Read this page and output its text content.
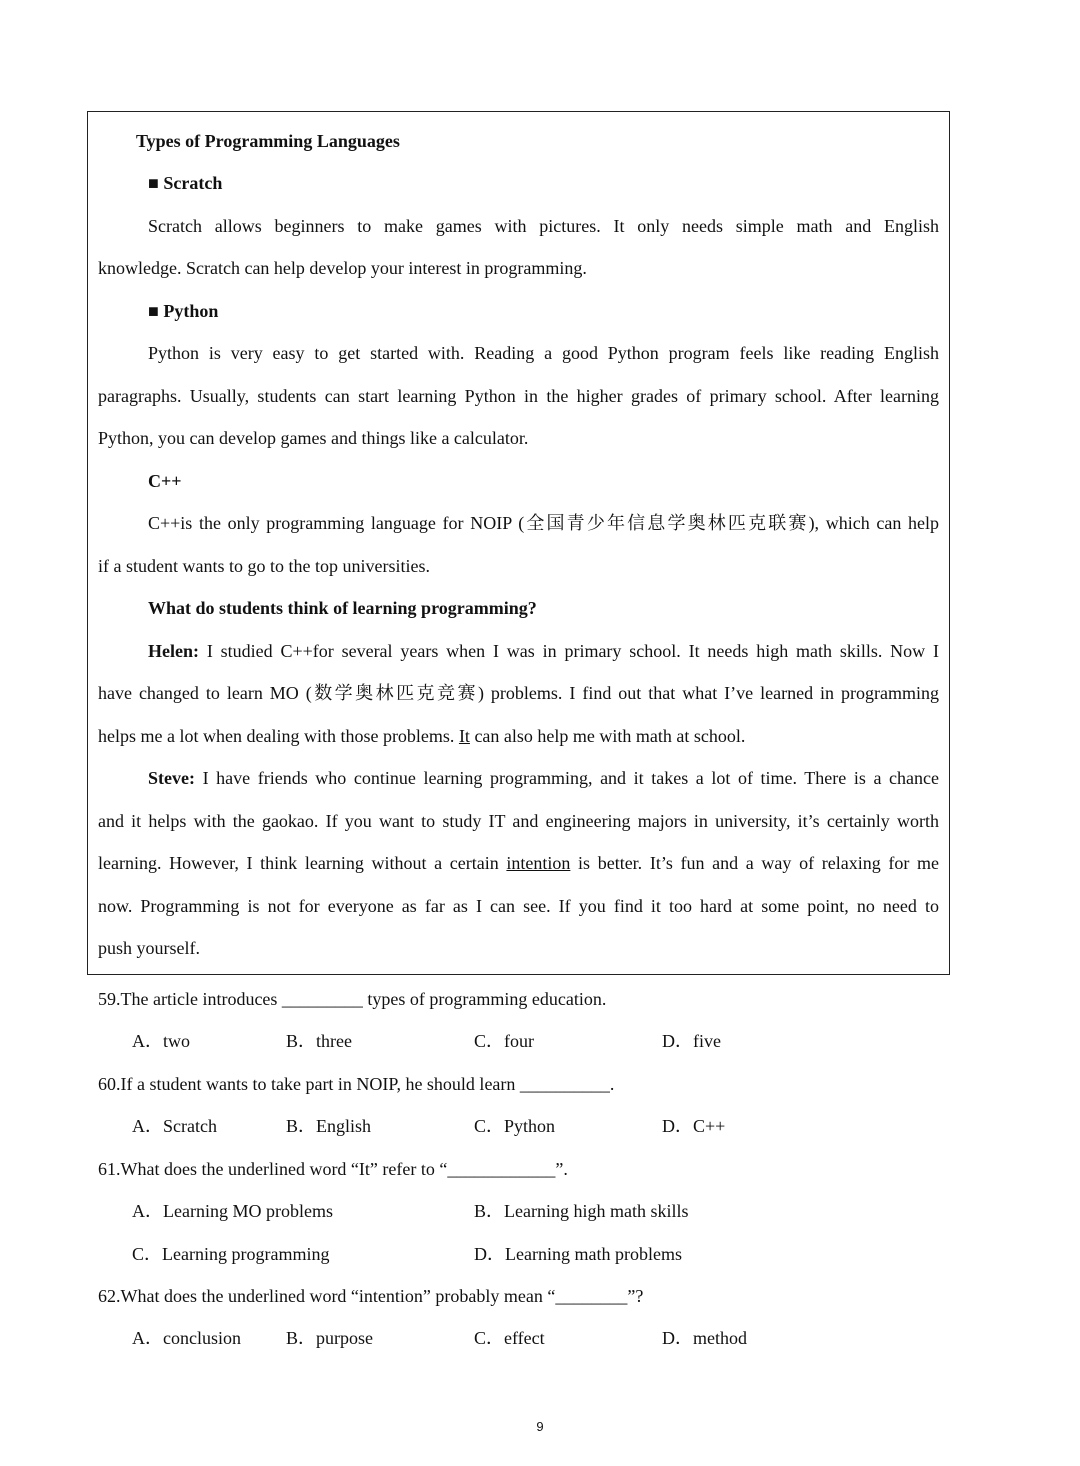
Types of Programming Languages
■ Scratch
Scratch allows beginners to make games with pictures. It only needs simple math and English
knowledge. Scratch can help develop your interest in programming.
■ Python
Python is very easy to get started with. Reading a good Python program feels like reading English
paragraphs. Usually, students can start learning Python in the higher grades of primary school. After learning
Python, you can develop games and things like a calculator.
C++
C++is the only programming language for NOIP (全国青少年信息学奥林匹克联赛), which can help
if a student wants to go to the top universities.
What do students think of learning programming?
Helen: I studied C++for several years when I was in primary school. It needs high math skills. Now I
have changed to learn MO (数学奥林匹克竞赛) problems. I find out that what I’ve learned in programming
helps me a lot when dealing with those problems. It can also help me with math at school.
Steve: I have friends who continue learning programming, and it takes a lot of time. There is a chance
and it helps with the gaokao. If you want to study IT and engineering majors in university, it’s certainly worth
learning. However, I think learning without a certain intention is better. It’s fun and a way of relaxing for me
now. Programming is not for everyone as far as I can see. If you find it too hard at some point, no need to
push yourself.
59.The article introduces _________ types of programming education.
A．two	B．three	C．four	D．five
60.If a student wants to take part in NOIP, he should learn __________.
A．Scratch	B．English	C．Python	D．C++
61.What does the underlined word “It” refer to “____________”.
A．Learning MO problems	B．Learning high math skills
C．Learning programming	D．Learning math problems
62.What does the underlined word “intention” probably mean “________”?
A．conclusion	B．purpose	C．effect	D．method
9
